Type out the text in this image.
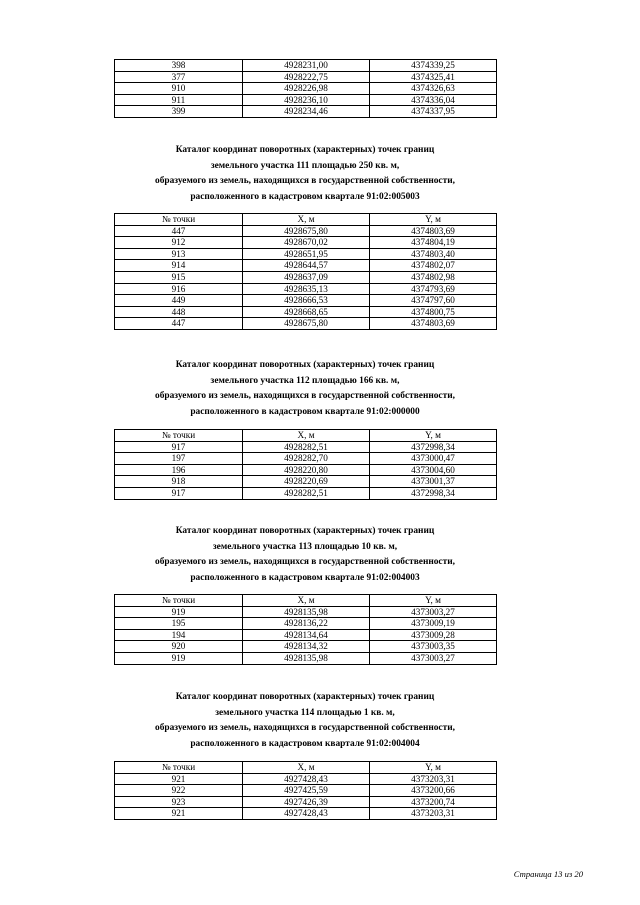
398	4928231,00	4374339,25
377	4928222,75	4374325,41
910	4928226,98	4374326,63
911	4928236,10	4374336,04
399	4928234,46	4374337,95
Каталог координат поворотных (характерных) точек границ
земельного участка 111 площадью 250 кв. м,
образуемого из земель, находящихся в государственной собственности,
расположенного в кадастровом квартале 91:02:005003
№ точки	X, м	Y, м
447	4928675,80	4374803,69
912	4928670,02	4374804,19
913	4928651,95	4374803,40
914	4928644,57	4374802,07
915	4928637,09	4374802,98
916	4928635,13	4374793,69
449	4928666,53	4374797,60
448	4928668,65	4374800,75
447	4928675,80	4374803,69
Каталог координат поворотных (характерных) точек границ
земельного участка 112 площадью 166 кв. м,
образуемого из земель, находящихся в государственной собственности,
расположенного в кадастровом квартале 91:02:000000
№ точки	X, м	Y, м
917	4928282,51	4372998,34
197	4928282,70	4373000,47
196	4928220,80	4373004,60
918	4928220,69	4373001,37
917	4928282,51	4372998,34
Каталог координат поворотных (характерных) точек границ
земельного участка 113 площадью 10 кв. м,
образуемого из земель, находящихся в государственной собственности,
расположенного в кадастровом квартале 91:02:004003
№ точки	X, м	Y, м
919	4928135,98	4373003,27
195	4928136,22	4373009,19
194	4928134,64	4373009,28
920	4928134,32	4373003,35
919	4928135,98	4373003,27
Каталог координат поворотных (характерных) точек границ
земельного участка 114 площадью 1 кв. м,
образуемого из земель, находящихся в государственной собственности,
расположенного в кадастровом квартале 91:02:004004
№ точки	X, м	Y, м
921	4927428,43	4373203,31
922	4927425,59	4373200,66
923	4927426,39	4373200,74
921	4927428,43	4373203,31
Страница 13 из 20
